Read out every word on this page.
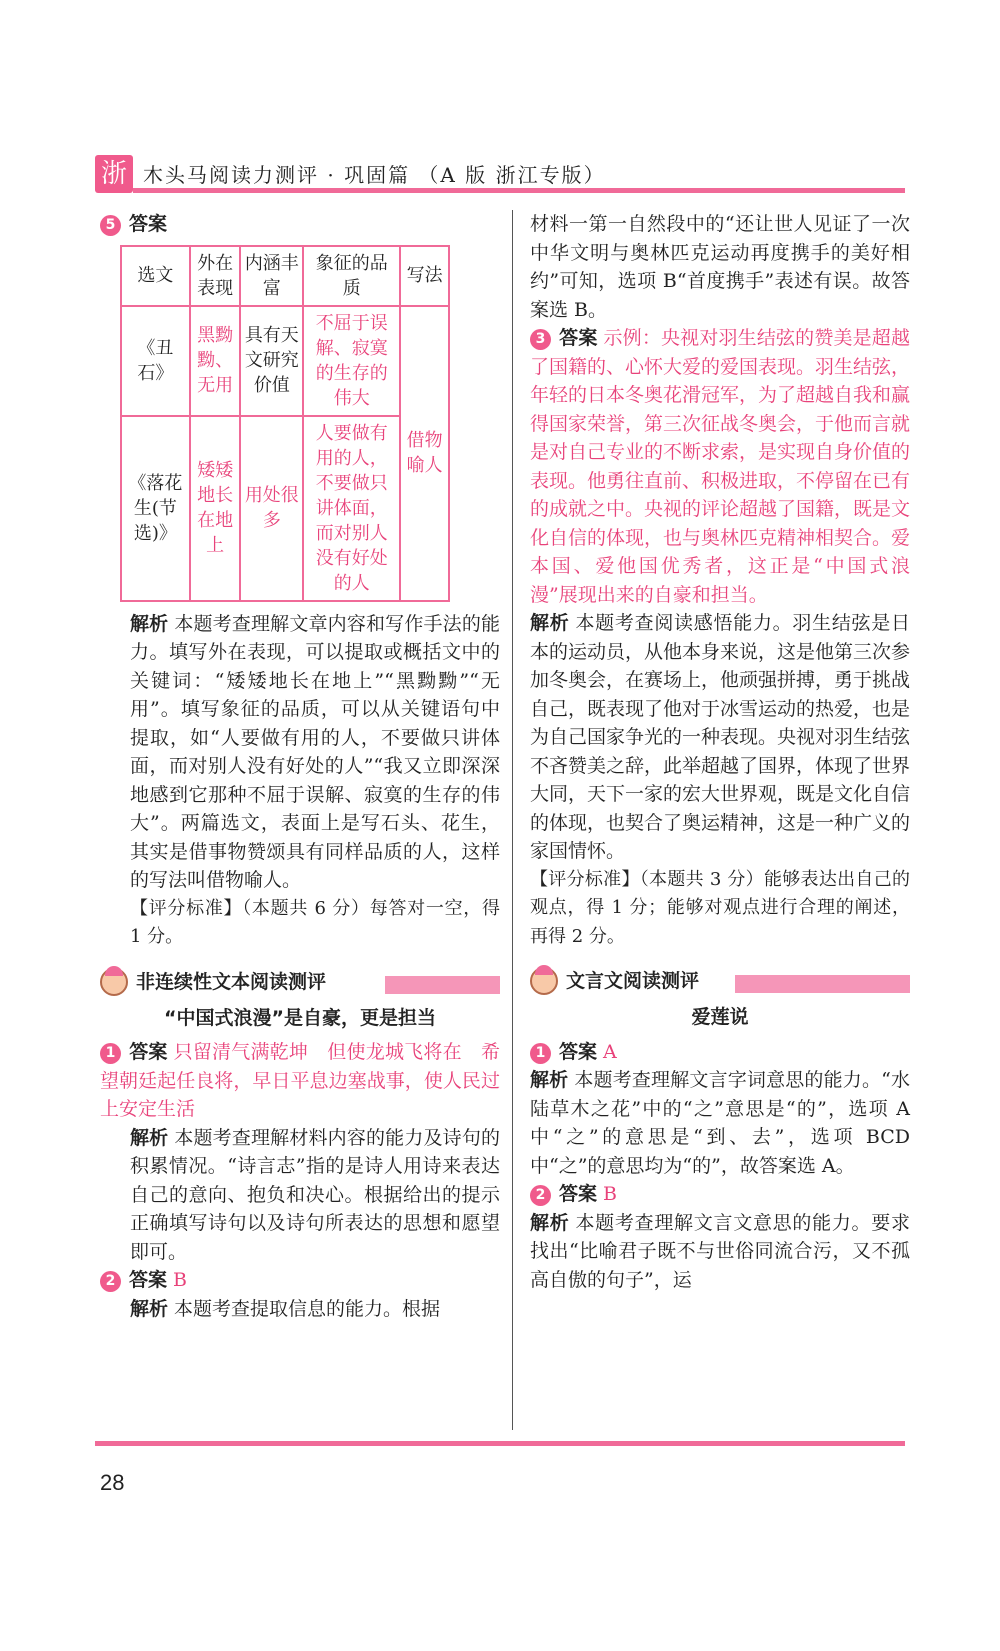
浙 木头马阅读力测评 · 巩固篇 （A 版 浙江专版）
5 答案
选文	外在表现	内涵丰富	象征的品质	写法
《丑石》	黑黝黝、无用	具有天文研究价值	不屈于误解、寂寞的生存的伟大	借物喻人
《落花生(节选)》	矮矮地长在地上	用处很多	人要做有用的人，不要做只讲体面，而对别人没有好处的人	

解析 本题考查理解文章内容和写作手法的能力。填写外在表现，可以提取或概括文中的关键词：“矮矮地长在地上”“黑黝黝”“无用”。填写象征的品质，可以从关键语句中提取，如“人要做有用的人，不要做只讲体面，而对别人没有好处的人”“我又立即深深地感到它那种不屈于误解、寂寞的生存的伟大”。两篇选文，表面上是写石头、花生，其实是借事物赞颂具有同样品质的人，这样的写法叫借物喻人。

【评分标准】（本题共 6 分）每答对一空，得 1 分。

非连续性文本阅读测评
“中国式浪漫”是自豪，更是担当

1 答案 只留清气满乾坤　但使龙城飞将在　希望朝廷起任良将，早日平息边塞战事，使人民过上安定生活

解析 本题考查理解材料内容的能力及诗句的积累情况。“诗言志”指的是诗人用诗来表达自己的意向、抱负和决心。根据给出的提示正确填写诗句以及诗句所表达的思想和愿望即可。

2 答案 B

解析 本题考查提取信息的能力。根据

材料一第一自然段中的“还让世人见证了一次中华文明与奥林匹克运动再度携手的美好相约”可知，选项 B“首度携手”表述有误。故答案选 B。

3 答案 示例：央视对羽生结弦的赞美是超越了国籍的、心怀大爱的爱国表现。羽生结弦，年轻的日本冬奥花滑冠军，为了超越自我和赢得国家荣誉，第三次征战冬奥会，于他而言就是对自己专业的不断求索，是实现自身价值的表现。他勇往直前、积极进取，不停留在已有的成就之中。央视的评论超越了国籍，既是文化自信的体现，也与奥林匹克精神相契合。爱本国、爱他国优秀者，这正是“中国式浪漫”展现出来的自豪和担当。

解析 本题考查阅读感悟能力。羽生结弦是日本的运动员，从他本身来说，这是他第三次参加冬奥会，在赛场上，他顽强拼搏，勇于挑战自己，既表现了他对于冰雪运动的热爱，也是为自己国家争光的一种表现。央视对羽生结弦不吝赞美之辞，此举超越了国界，体现了世界大同，天下一家的宏大世界观，既是文化自信的体现，也契合了奥运精神，这是一种广义的家国情怀。

【评分标准】（本题共 3 分）能够表达出自己的观点，得 1 分；能够对观点进行合理的阐述，再得 2 分。

文言文阅读测评
爱莲说

1 答案 A

解析 本题考查理解文言字词意思的能力。“水陆草木之花”中的“之”意思是“的”，选项 A 中“之”的意思是“到、去”，选项 BCD 中“之”的意思均为“的”，故答案选 A。

2 答案 B

解析 本题考查理解文言文意思的能力。要求找出“比喻君子既不与世俗同流合污，又不孤高自傲的句子”，运

28
